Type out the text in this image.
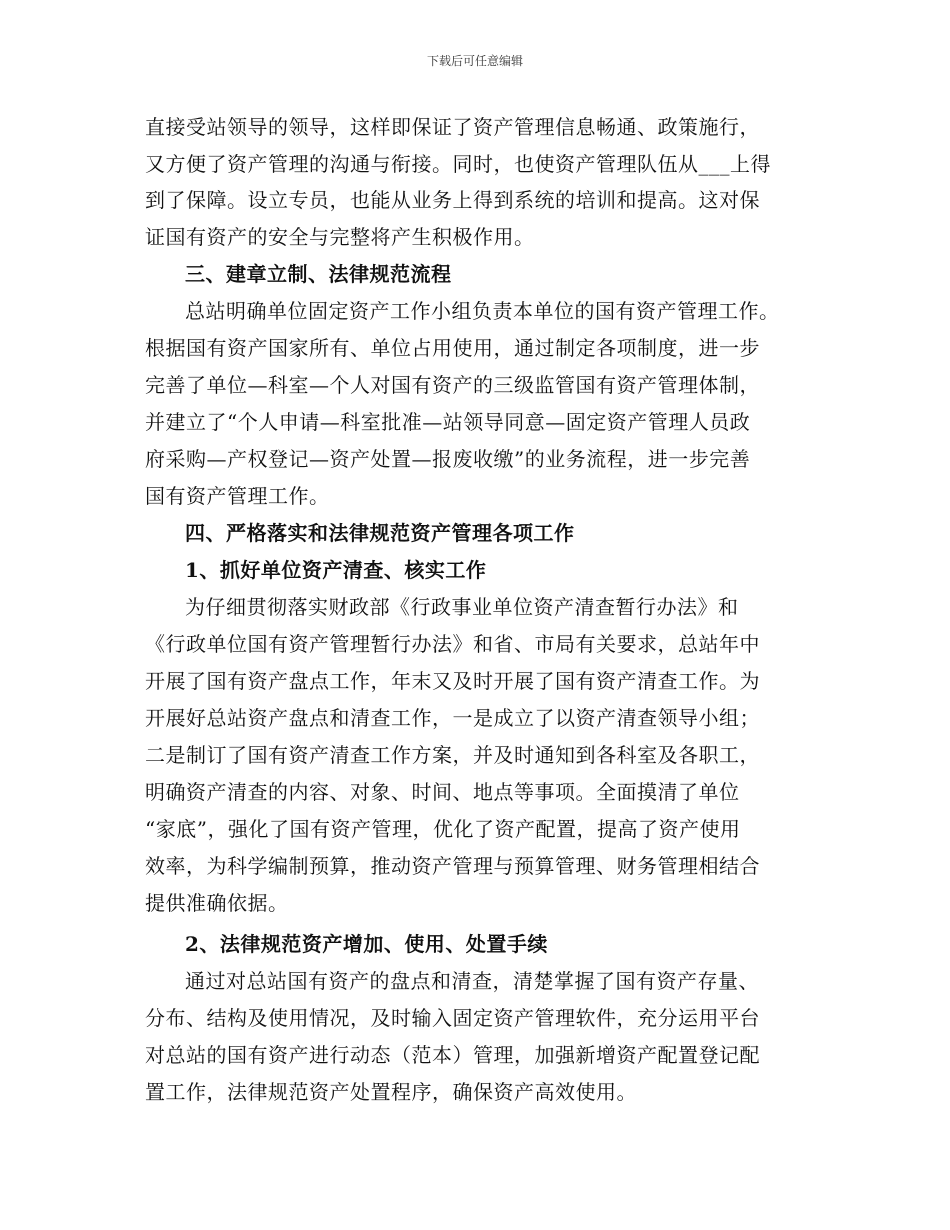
下载后可任意编辑
直接受站领导的领导，这样即保证了资产管理信息畅通、政策施行，
又方便了资产管理的沟通与衔接。同时，也使资产管理队伍从___上得
到了保障。设立专员，也能从业务上得到系统的培训和提高。这对保
证国有资产的安全与完整将产生积极作用。
三、建章立制、法律规范流程
总站明确单位固定资产工作小组负责本单位的国有资产管理工作。
根据国有资产国家所有、单位占用使用，通过制定各项制度，进一步
完善了单位—科室—个人对国有资产的三级监管国有资产管理体制，
并建立了“个人申请—科室批准—站领导同意—固定资产管理人员政
府采购—产权登记—资产处置—报废收缴”的业务流程，进一步完善
国有资产管理工作。
四、严格落实和法律规范资产管理各项工作
1、抓好单位资产清查、核实工作
为仔细贯彻落实财政部《行政事业单位资产清查暂行办法》和
《行政单位国有资产管理暂行办法》和省、市局有关要求，总站年中
开展了国有资产盘点工作，年末又及时开展了国有资产清查工作。为
开展好总站资产盘点和清查工作，一是成立了以资产清查领导小组；
二是制订了国有资产清查工作方案，并及时通知到各科室及各职工，
明确资产清查的内容、对象、时间、地点等事项。全面摸清了单位
“家底”，强化了国有资产管理，优化了资产配置，提高了资产使用
效率，为科学编制预算，推动资产管理与预算管理、财务管理相结合
提供准确依据。
2、法律规范资产增加、使用、处置手续
通过对总站国有资产的盘点和清查，清楚掌握了国有资产存量、
分布、结构及使用情况，及时输入固定资产管理软件，充分运用平台
对总站的国有资产进行动态（范本）管理，加强新增资产配置登记配
置工作，法律规范资产处置程序，确保资产高效使用。
